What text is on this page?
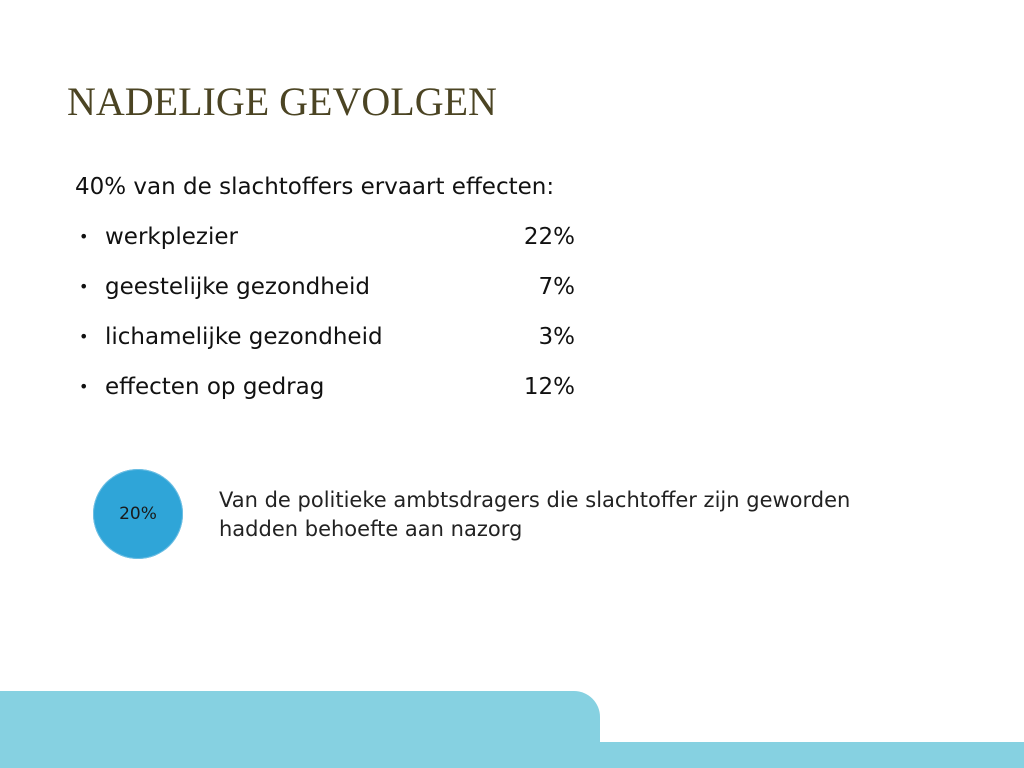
NADELIGE GEVOLGEN
40% van de slachtoffers ervaart effecten:
• werkplezier	22%
• geestelijke gezondheid	7%
• lichamelijke gezondheid	3%
• effecten op gedrag	12%
20%
Van de politieke ambtsdragers die slachtoffer zijn geworden hadden behoefte aan nazorg
